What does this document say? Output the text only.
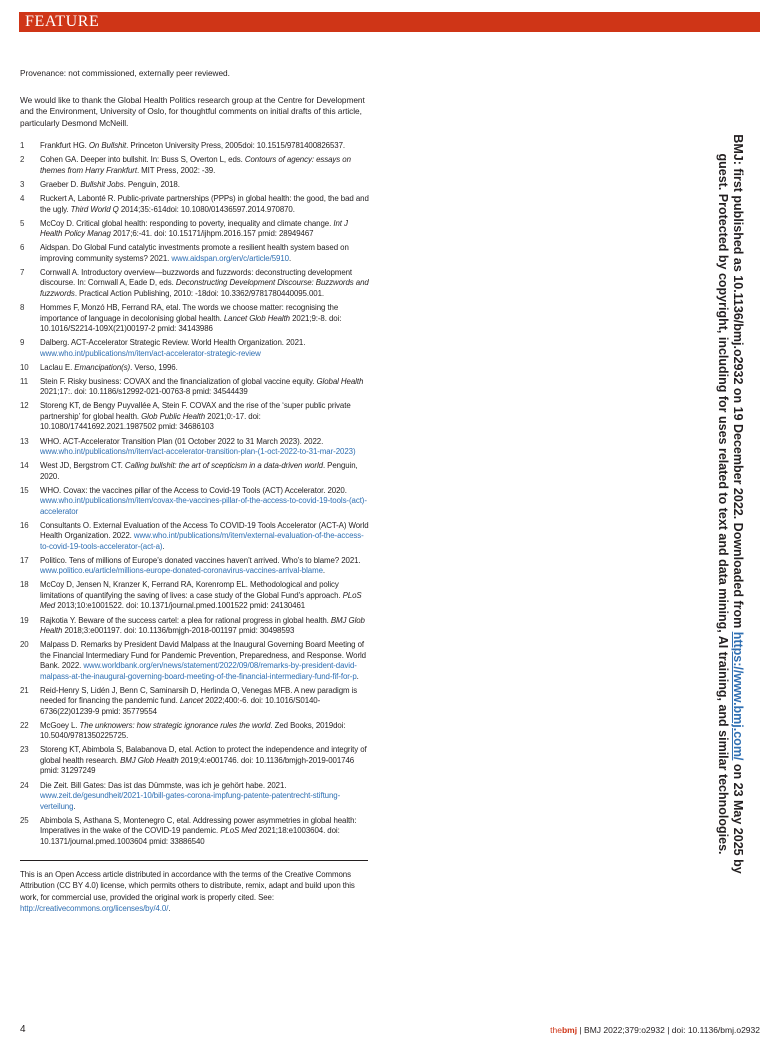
FEATURE

Provenance: not commissioned, externally peer reviewed.

We would like to thank the Global Health Politics research group at the Centre for Development and the Environment, University of Oslo, for thoughtful comments on initial drafts of this article, particularly Desmond McNeill.

1 Frankfurt HG. On Bullshit. Princeton University Press, 2005doi: 10.1515/9781400826537.
2 Cohen GA. Deeper into bullshit. In: Buss S, Overton L, eds. Contours of agency: essays on themes from Harry Frankfurt. MIT Press, 2002: -39.
3 Graeber D. Bullshit Jobs. Penguin, 2018.
4 Ruckert A, Labonté R. Public-private partnerships (PPPs) in global health: the good, the bad and the ugly. Third World Q 2014;35:-614doi: 10.1080/01436597.2014.970870.
5 McCoy D. Critical global health: responding to poverty, inequality and climate change. Int J Health Policy Manag 2017;6:-41. doi: 10.15171/ijhpm.2016.157 pmid: 28949467
6 Aidspan. Do Global Fund catalytic investments promote a resilient health system based on improving community systems? 2021. www.aidspan.org/en/c/article/5910.
7 Cornwall A. Introductory overview—buzzwords and fuzzwords: deconstructing development discourse. In: Cornwall A, Eade D, eds. Deconstructing Development Discourse: Buzzwords and fuzzwords. Practical Action Publishing, 2010: -18doi: 10.3362/9781780440095.001.
8 Hommes F, Monzó HB, Ferrand RA, etal. The words we choose matter: recognising the importance of language in decolonising global health. Lancet Glob Health 2021;9:-8. doi: 10.1016/S2214-109X(21)00197-2 pmid: 34143986
9 Dalberg. ACT-Accelerator Strategic Review. World Health Organization. 2021. www.who.int/publications/m/item/act-accelerator-strategic-review
10 Laclau E. Emancipation(s). Verso, 1996.
11 Stein F. Risky business: COVAX and the financialization of global vaccine equity. Global Health 2021;17:. doi: 10.1186/s12992-021-00763-8 pmid: 34544439
12 Storeng KT, de Bengy Puyvallée A, Stein F. COVAX and the rise of the ‘super public private partnership’ for global health. Glob Public Health 2021;0:-17. doi: 10.1080/17441692.2021.1987502 pmid: 34686103
13 WHO. ACT-Accelerator Transition Plan (01 October 2022 to 31 March 2023). 2022. www.who.int/publications/m/item/act-accelerator-transition-plan-(1-oct-2022-to-31-mar-2023)
14 West JD, Bergstrom CT. Calling bullshit: the art of scepticism in a data-driven world. Penguin, 2020.
15 WHO. Covax: the vaccines pillar of the Access to Covid-19 Tools (ACT) Accelerator. 2020. www.who.int/publications/m/item/covax-the-vaccines-pillar-of-the-access-to-covid-19-tools-(act)-accelerator
16 Consultants O. External Evaluation of the Access To COVID-19 Tools Accelerator (ACT-A) World Health Organization. 2022. www.who.int/publications/m/item/external-evaluation-of-the-access-to-covid-19-tools-accelerator-(act-a).
17 Politico. Tens of millions of Europe’s donated vaccines haven’t arrived. Who’s to blame? 2021. www.politico.eu/article/millions-europe-donated-coronavirus-vaccines-arrival-blame.
18 McCoy D, Jensen N, Kranzer K, Ferrand RA, Korenromp EL. Methodological and policy limitations of quantifying the saving of lives: a case study of the Global Fund’s approach. PLoS Med 2013;10:e1001522. doi: 10.1371/journal.pmed.1001522 pmid: 24130461
19 Rajkotia Y. Beware of the success cartel: a plea for rational progress in global health. BMJ Glob Health 2018;3:e001197. doi: 10.1136/bmjgh-2018-001197 pmid: 30498593
20 Malpass D. Remarks by President David Malpass at the Inaugural Governing Board Meeting of the Financial Intermediary Fund for Pandemic Prevention, Preparedness, and Response. World Bank. 2022. www.worldbank.org/en/news/statement/2022/09/08/remarks-by-president-david-malpass-at-the-inaugural-governing-board-meeting-of-the-financial-intermediary-fund-fif-for-p.
21 Reid-Henry S, Lidén J, Benn C, Saminarsih D, Herlinda O, Venegas MFB. A new paradigm is needed for financing the pandemic fund. Lancet 2022;400:-6. doi: 10.1016/S0140-6736(22)01239-9 pmid: 35779554
22 McGoey L. The unknowers: how strategic ignorance rules the world. Zed Books, 2019doi: 10.5040/9781350225725.
23 Storeng KT, Abimbola S, Balabanova D, etal. Action to protect the independence and integrity of global health research. BMJ Glob Health 2019;4:e001746. doi: 10.1136/bmjgh-2019-001746 pmid: 31297249
24 Die Zeit. Bill Gates: Das ist das Dümmste, was ich je gehört habe. 2021. www.zeit.de/gesundheit/2021-10/bill-gates-corona-impfung-patente-patentrecht-stiftung-verteilung.
25 Abimbola S, Asthana S, Montenegro C, etal. Addressing power asymmetries in global health: Imperatives in the wake of the COVID-19 pandemic. PLoS Med 2021;18:e1003604. doi: 10.1371/journal.pmed.1003604 pmid: 33886540

This is an Open Access article distributed in accordance with the terms of the Creative Commons Attribution (CC BY 4.0) license, which permits others to distribute, remix, adapt and build upon this work, for commercial use, provided the original work is properly cited. See: http://creativecommons.org/licenses/by/4.0/.

BMJ: first published as 10.1136/bmj.o2932 on 19 December 2022. Downloaded from https://www.bmj.com/ on 23 May 2025 by guest. Protected by copyright, including for uses related to text and data mining, AI training, and similar technologies.
4	thebmj | BMJ 2022;379:o2932 | doi: 10.1136/bmj.o2932
